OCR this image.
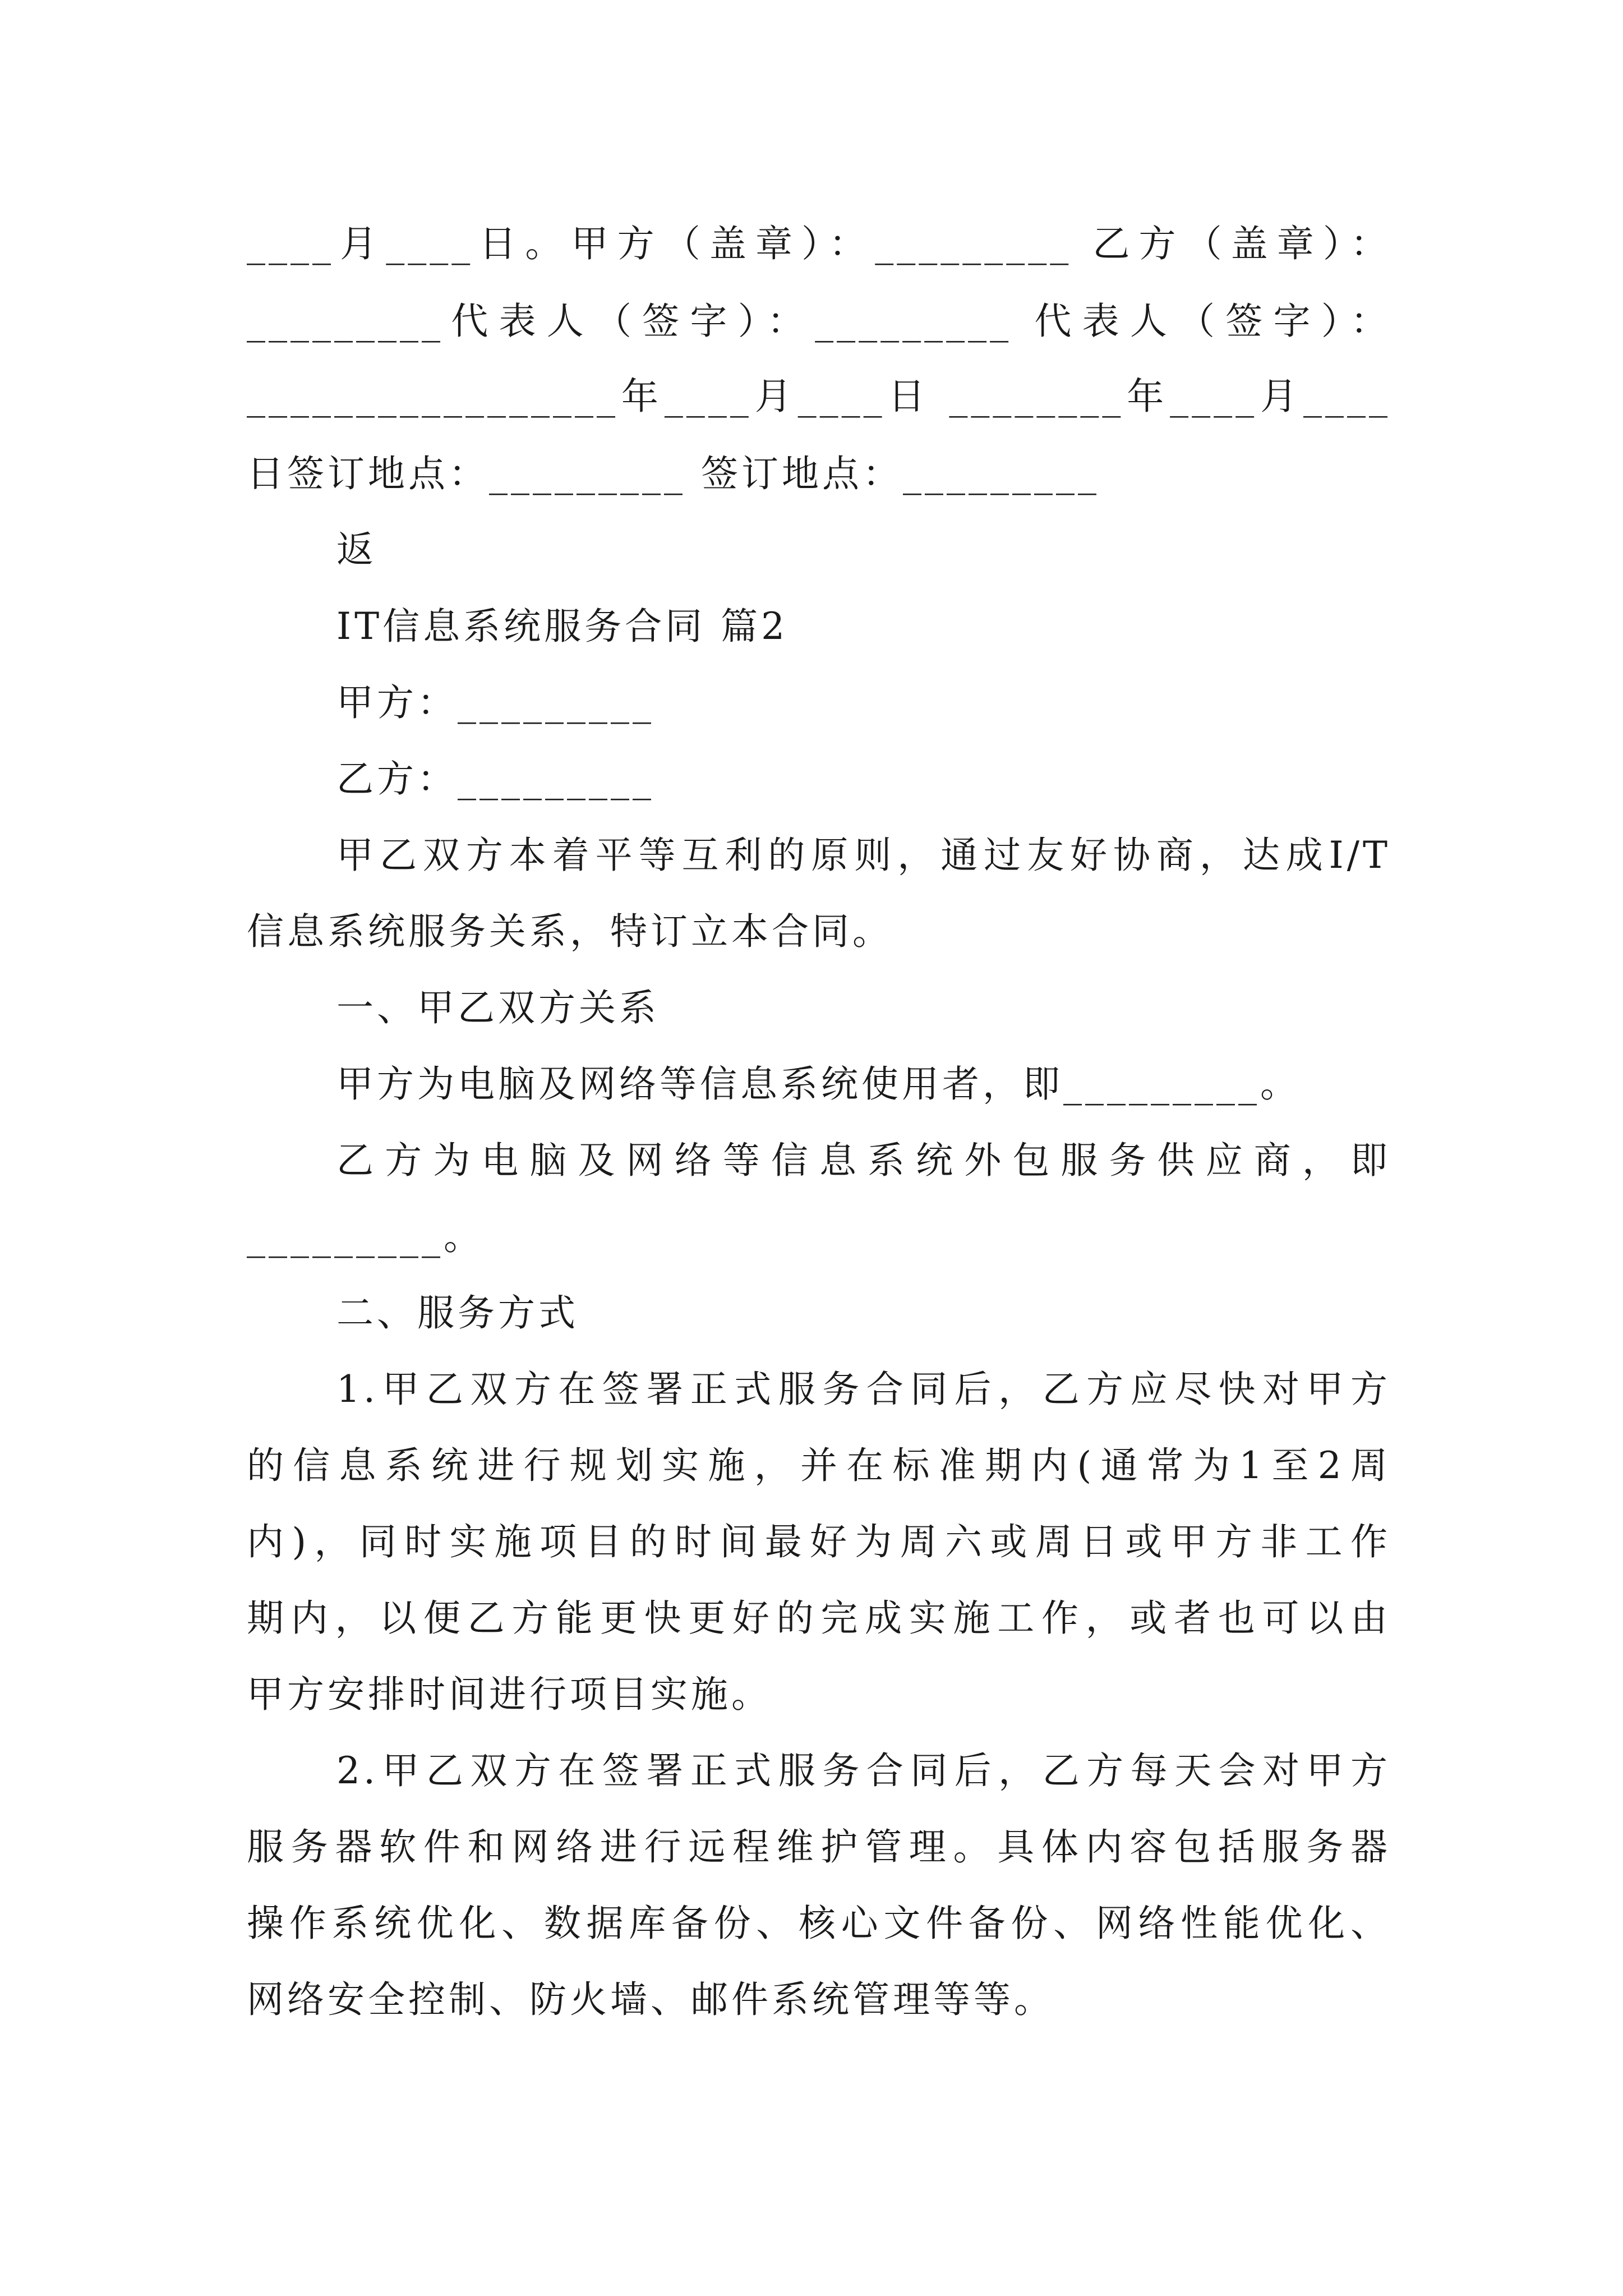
____月____日。甲方（盖章）：_________ 乙方（盖章）：
_________代表人（签字）：_________ 代表人（签字）：
_________________年____月____日 ________年____月____
日签订地点：_________ 签订地点：_________
返
IT信息系统服务合同 篇2
甲方：_________
乙方：_________
甲乙双方本着平等互利的原则，通过友好协商，达成I/T
信息系统服务关系，特订立本合同。
一、甲乙双方关系
甲方为电脑及网络等信息系统使用者，即_________。
乙方为电脑及网络等信息系统外包服务供应商，即
_________。
二、服务方式
1.甲乙双方在签署正式服务合同后，乙方应尽快对甲方
的信息系统进行规划实施，并在标准期内(通常为1至2周
内)，同时实施项目的时间最好为周六或周日或甲方非工作
期内，以便乙方能更快更好的完成实施工作，或者也可以由
甲方安排时间进行项目实施。
2.甲乙双方在签署正式服务合同后，乙方每天会对甲方
服务器软件和网络进行远程维护管理。具体内容包括服务器
操作系统优化、数据库备份、核心文件备份、网络性能优化、
网络安全控制、防火墙、邮件系统管理等等。
